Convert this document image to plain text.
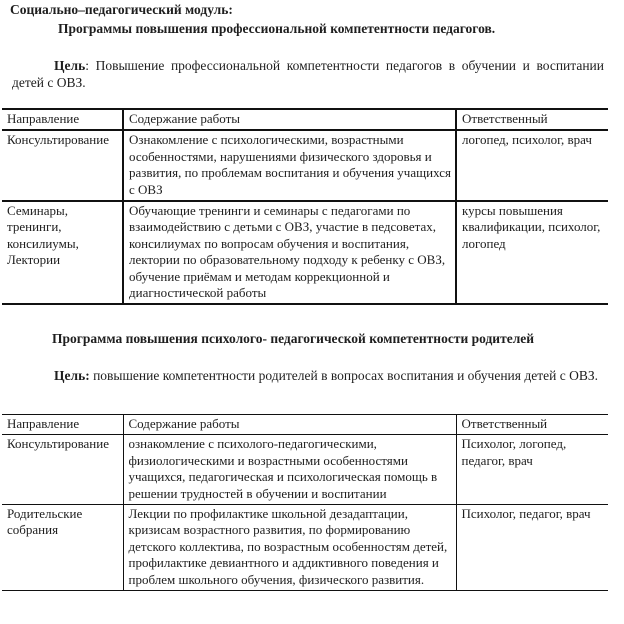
Социально–педагогический модуль:
Программы повышения профессиональной компетентности педагогов.
Цель: Повышение профессиональной компетентности педагогов в обучении и воспитании детей с ОВЗ.
Направление	Содержание работы	Ответственный
Консультирование	Ознакомление с психологическими, возрастными особенностями, нарушениями физического здоровья и развития, по проблемам воспитания и обучения учащихся с ОВЗ	логопед, психолог, врач
Семинары, тренинги, консилиумы, Лектории	Обучающие тренинги и семинары с педагогами по взаимодействию с детьми с ОВЗ, участие в педсоветах, консилиумах по вопросам обучения и воспитания, лектории по образовательному подходу к ребенку с ОВЗ, обучение приёмам и методам коррекционной и диагностической работы	курсы повышения квалификации, психолог, логопед
Программа повышения психолого- педагогической компетентности родителей
Цель: повышение компетентности родителей в вопросах воспитания и обучения детей с ОВЗ.
Направление	Содержание работы	Ответственный
Консультирование	ознакомление с психолого-педагогическими, физиологическими и возрастными особенностями учащихся, педагогическая и психологическая помощь в решении трудностей в обучении и воспитании	Психолог, логопед, педагог, врач
Родительские собрания	Лекции по профилактике школьной дезадаптации, кризисам возрастного развития, по формированию детского коллектива, по возрастным особенностям детей, профилактике девиантного и аддиктивного поведения и проблем школьного обучения, физического развития.	Психолог, педагог, врач
